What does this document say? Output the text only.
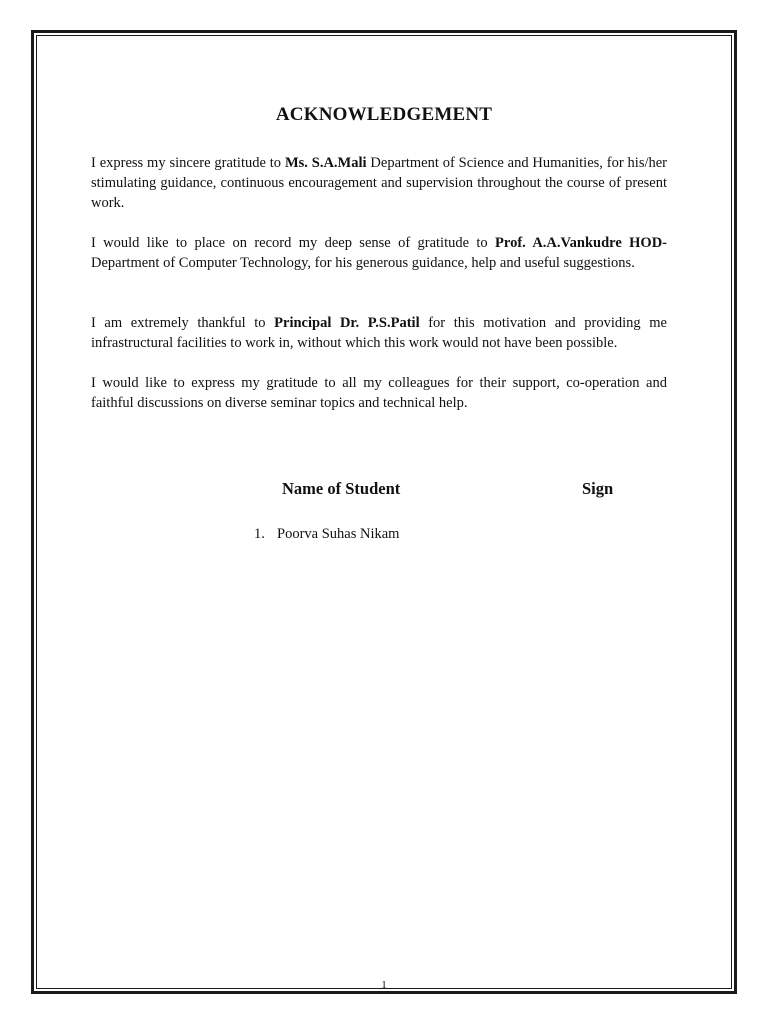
ACKNOWLEDGEMENT

I express my sincere gratitude to Ms. S.A.Mali Department of Science and Humanities, for his/her stimulating guidance, continuous encouragement and supervision throughout the course of present work.

I would like to place on record my deep sense of gratitude to Prof. A.A.Vankudre HOD-Department of Computer Technology, for his generous guidance, help and useful suggestions.

I am extremely thankful to Principal Dr. P.S.Patil for this motivation and providing me infrastructural facilities to work in, without which this work would not have been possible.

I would like to express my gratitude to all my colleagues for their support, co-operation and faithful discussions on diverse seminar topics and technical help.

Name of Student	Sign
1. Poorva Suhas Nikam
1
